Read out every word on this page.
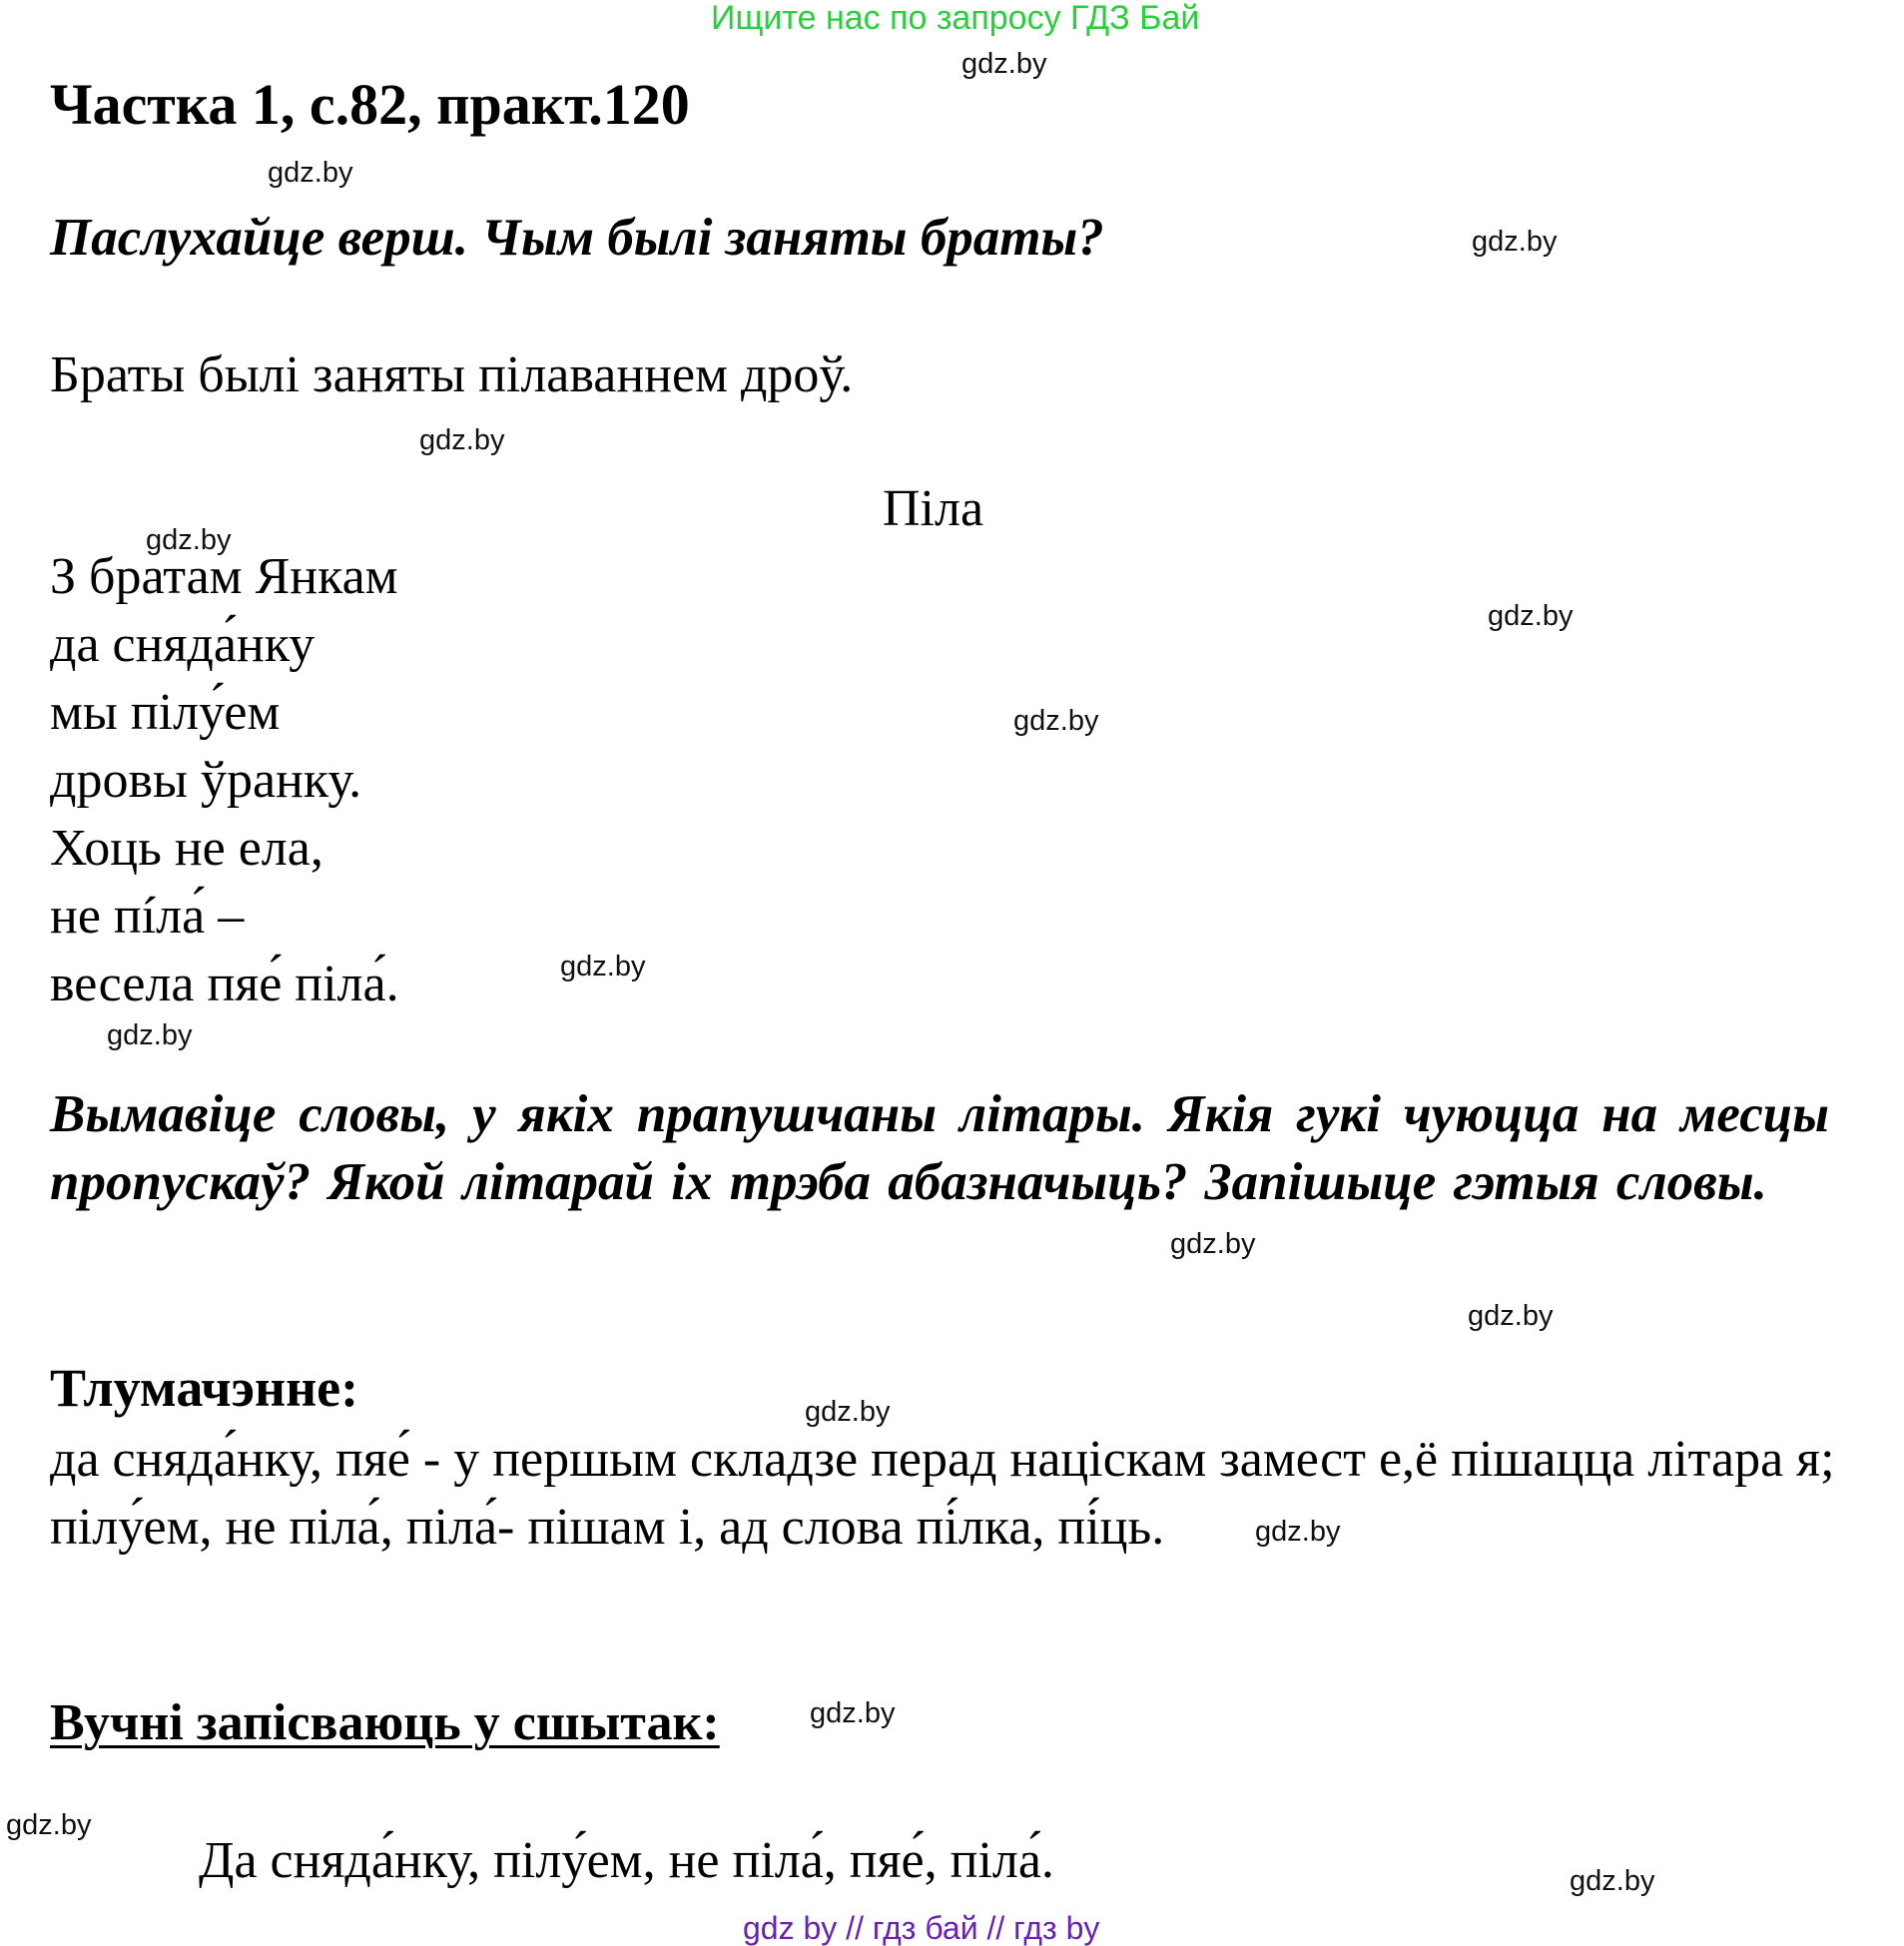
Ищите нас по запросу ГДЗ Бай
gdz.by
Частка 1, с.82, практ.120
gdz.by
Паслухайце верш. Чым былі заняты браты?	gdz.by
Браты былі заняты пілаваннем дроў.
gdz.by
Піла
gdz.by
З братам Янкам
да сняда́нку
мы пілу́ем
дровы ўранку.
Хоць не ела,
не пíла́ –
весела пяе́ піла́.
gdz.by
gdz.by
gdz.by
gdz.by
Вымавіце словы, у якіх прапушчаны літары. Якія гукі чуюцца на месцы пропускаў? Якой літарай іх трэба абазначыць? Запішыце гэтыя словы.
gdz.by
gdz.by
Тлумачэнне:	gdz.by
да сняда́нку, пяе́ - у першым складзе перад націскам замест е,ё пішацца літара я;
пілу́ем, не піла́, піла́- пішам і, ад слова пі́лка, пі́ць.	gdz.by
Вучні запісваюць у сшытак:	gdz.by
gdz.by
Да сняда́нку, пілу́ем, не піла́, пяе́, піла́.	gdz.by
gdz by // гдз бай // гдз by
